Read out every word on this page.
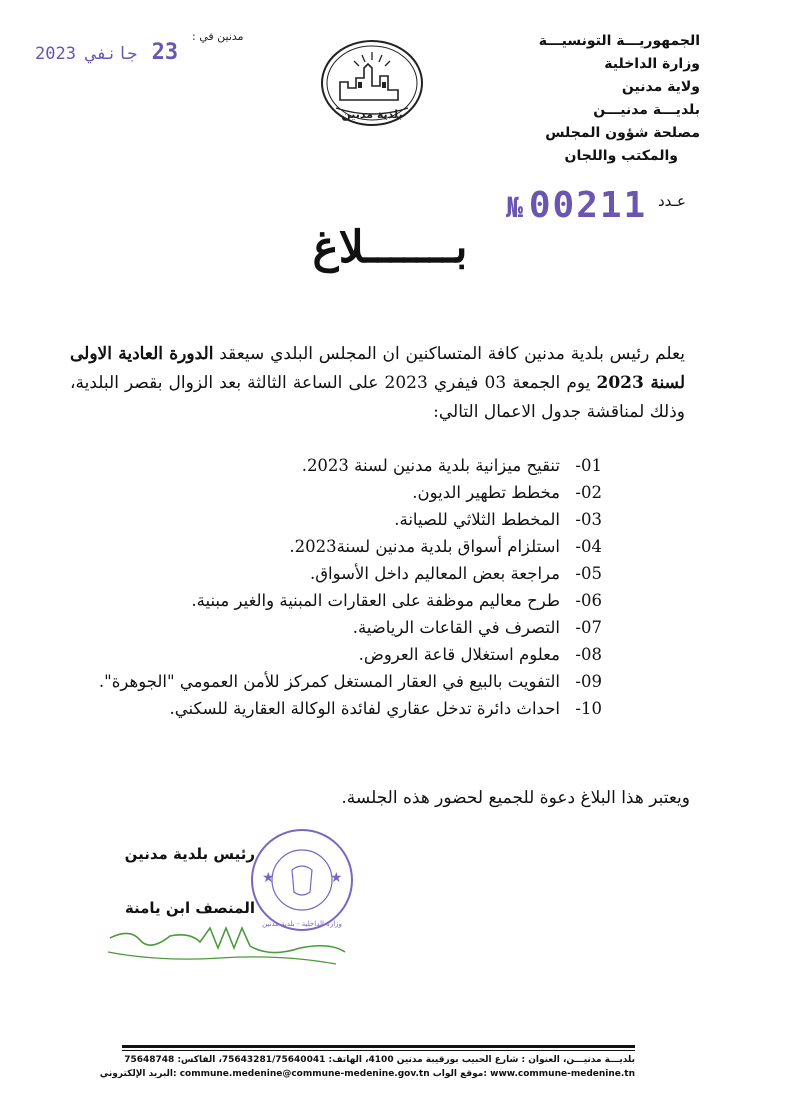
الجمهوريـــة التونسيـــة
وزارة الداخلية
ولاية مدنين
بلديـــة مدنيـــن
مصلحة شؤون المجلس
والمكتب واللجان
بلدية مدنين
مدنين في :
23 جانفي 2023
عـدد
№ 00211
بـــــــلاغ
يعلم رئيس بلدية مدنين كافة المتساكنين ان المجلس البلدي سيعقد الدورة العادية الاولى لسنة 2023 يوم الجمعة 03 فيفري 2023 على الساعة الثالثة بعد الزوال بقصر البلدية، وذلك لمناقشة جدول الاعمال التالي:
01-
تنقيح ميزانية بلدية مدنين لسنة 2023.
02-
مخطط تطهير الديون.
03-
المخطط الثلاثي للصيانة.
04-
استلزام أسواق بلدية مدنين لسنة2023.
05-
مراجعة بعض المعاليم داخل الأسواق.
06-
طرح معاليم موظفة على العقارات المبنية والغير مبنية.
07-
التصرف في القاعات الرياضية.
08-
معلوم استغلال قاعة العروض.
09-
التفويت بالبيع في العقار المستغل كمركز للأمن العمومي "الجوهرة".
10-
احداث دائرة تدخل عقاري لفائدة الوكالة العقارية للسكني.
ويعتبر هذا البلاغ دعوة للجميع لحضور هذه الجلسة.
رئيس بلدية مدنين
المنصف ابن يامنة
★	★
وزارة الداخلية - بلدية مدنين
بلديـــة مدنيـــن، العنوان : شارع الحبيب بورقيبة مدنين 4100، الهاتف: 75643281/75640041، الفاكس: 75648748
www.commune-medenine.tn :موقع الواب commune.medenine@commune-medenine.gov.tn :البريد الإلكتروني
